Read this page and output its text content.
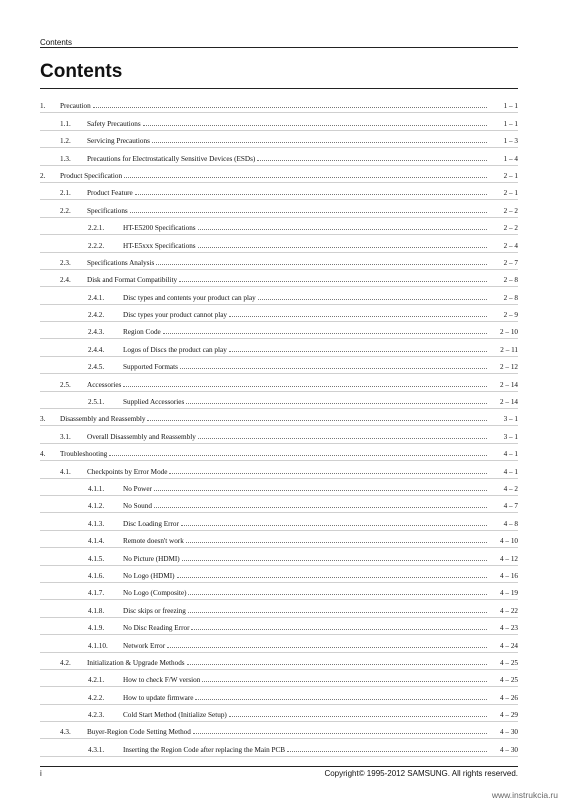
Contents
Contents
1.	Precaution	1 – 1
1.1.	Safety Precautions	1 – 1
1.2.	Servicing Precautions	1 – 3
1.3.	Precautions for Electrostatically Sensitive Devices (ESDs)	1 – 4
2.	Product Specification	2 – 1
2.1.	Product Feature	2 – 1
2.2.	Specifications	2 – 2
2.2.1.	HT-E5200 Specifications	2 – 2
2.2.2.	HT-E5xxx Specifications	2 – 4
2.3.	Specifications Analysis	2 – 7
2.4.	Disk and Format Compatibility	2 – 8
2.4.1.	Disc types and contents your product can play	2 – 8
2.4.2.	Disc types your product cannot play	2 – 9
2.4.3.	Region Code	2 – 10
2.4.4.	Logos of Discs the product can play	2 – 11
2.4.5.	Supported Formats	2 – 12
2.5.	Accessories	2 – 14
2.5.1.	Supplied Accessories	2 – 14
3.	Disassembly and Reassembly	3 – 1
3.1.	Overall Disassembly and Reassembly	3 – 1
4.	Troubleshooting	4 – 1
4.1.	Checkpoints by Error Mode	4 – 1
4.1.1.	No Power	4 – 2
4.1.2.	No Sound	4 – 7
4.1.3.	Disc Loading Error	4 – 8
4.1.4.	Remote doesn't work	4 – 10
4.1.5.	No Picture (HDMI)	4 – 12
4.1.6.	No Logo (HDMI)	4 – 16
4.1.7.	No Logo (Composite)	4 – 19
4.1.8.	Disc skips or freezing	4 – 22
4.1.9.	No Disc Reading Error	4 – 23
4.1.10.	Network Error	4 – 24
4.2.	Initialization & Upgrade Methods	4 – 25
4.2.1.	How to check F/W version	4 – 25
4.2.2.	How to update firmware	4 – 26
4.2.3.	Cold Start Method (Initialize Setup)	4 – 29
4.3.	Buyer-Region Code Setting Method	4 – 30
4.3.1.	Inserting the Region Code after replacing the Main PCB	4 – 30
i	Copyright© 1995-2012 SAMSUNG. All rights reserved.
www.instrukcia.ru
